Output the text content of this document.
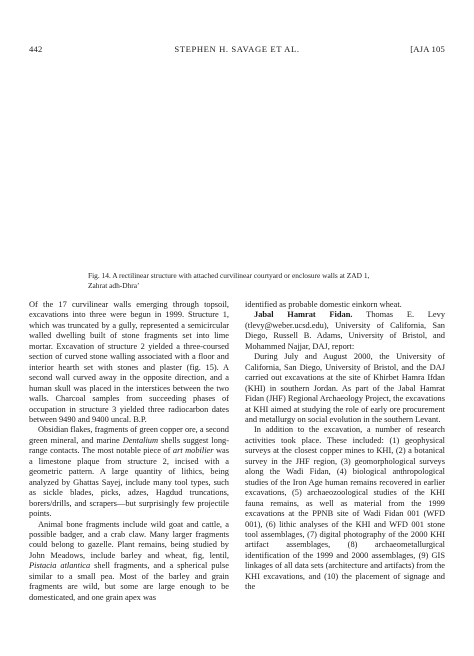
442	STEPHEN H. SAVAGE ET AL.	[AJA 105
Fig. 14. A rectilinear structure with attached curvilinear courtyard or enclosure walls at ZAD 1,
Zahrat adh-Dhra’

Of the 17 curvilinear walls emerging through topsoil, excavations into three were begun in 1999. Structure 1, which was truncated by a gully, represented a semicircular walled dwelling built of stone fragments set into lime mortar. Excavation of structure 2 yielded a three-coursed section of curved stone walling associated with a floor and interior hearth set with stones and plaster (fig. 15). A second wall curved away in the opposite direction, and a human skull was placed in the interstices between the two walls. Charcoal samples from succeeding phases of occupation in structure 3 yielded three radiocarbon dates between 9490 and 9400 uncal. B.P.

Obsidian flakes, fragments of green copper ore, a second green mineral, and marine Dentalium shells suggest long-range contacts. The most notable piece of art mobilier was a limestone plaque from structure 2, incised with a geometric pattern. A large quantity of lithics, being analyzed by Ghattas Sayej, include many tool types, such as sickle blades, picks, adzes, Hagdud truncations, borers/drills, and scrapers—but surprisingly few projectile points.

Animal bone fragments include wild goat and cattle, a possible badger, and a crab claw. Many larger fragments could belong to gazelle. Plant remains, being studied by John Meadows, include barley and wheat, fig, lentil, Pistacia atlantica shell fragments, and a spherical pulse similar to a small pea. Most of the barley and grain fragments are wild, but some are large enough to be domesticated, and one grain apex was

identified as probable domestic einkorn wheat.

Jabal Hamrat Fidan. Thomas E. Levy (tlevy@weber.ucsd.edu), University of California, San Diego, Russell B. Adams, University of Bristol, and Mohammed Najjar, DAJ, report:

During July and August 2000, the University of California, San Diego, University of Bristol, and the DAJ carried out excavations at the site of Khirbet Hamra Ifdan (KHI) in southern Jordan. As part of the Jabal Hamrat Fidan (JHF) Regional Archaeology Project, the excavations at KHI aimed at studying the role of early ore procurement and metallurgy on social evolution in the southern Levant.

In addition to the excavation, a number of research activities took place. These included: (1) geophysical surveys at the closest copper mines to KHI, (2) a botanical survey in the JHF region, (3) geomorphological surveys along the Wadi Fidan, (4) biological anthropological studies of the Iron Age human remains recovered in earlier excavations, (5) archaeozoological studies of the KHI fauna remains, as well as material from the 1999 excavations at the PPNB site of Wadi Fidan 001 (WFD 001), (6) lithic analyses of the KHI and WFD 001 stone tool assemblages, (7) digital photography of the 2000 KHI artifact assemblages, (8) archaeometallurgical identification of the 1999 and 2000 assemblages, (9) GIS linkages of all data sets (architecture and artifacts) from the KHI excavations, and (10) the placement of signage and the
